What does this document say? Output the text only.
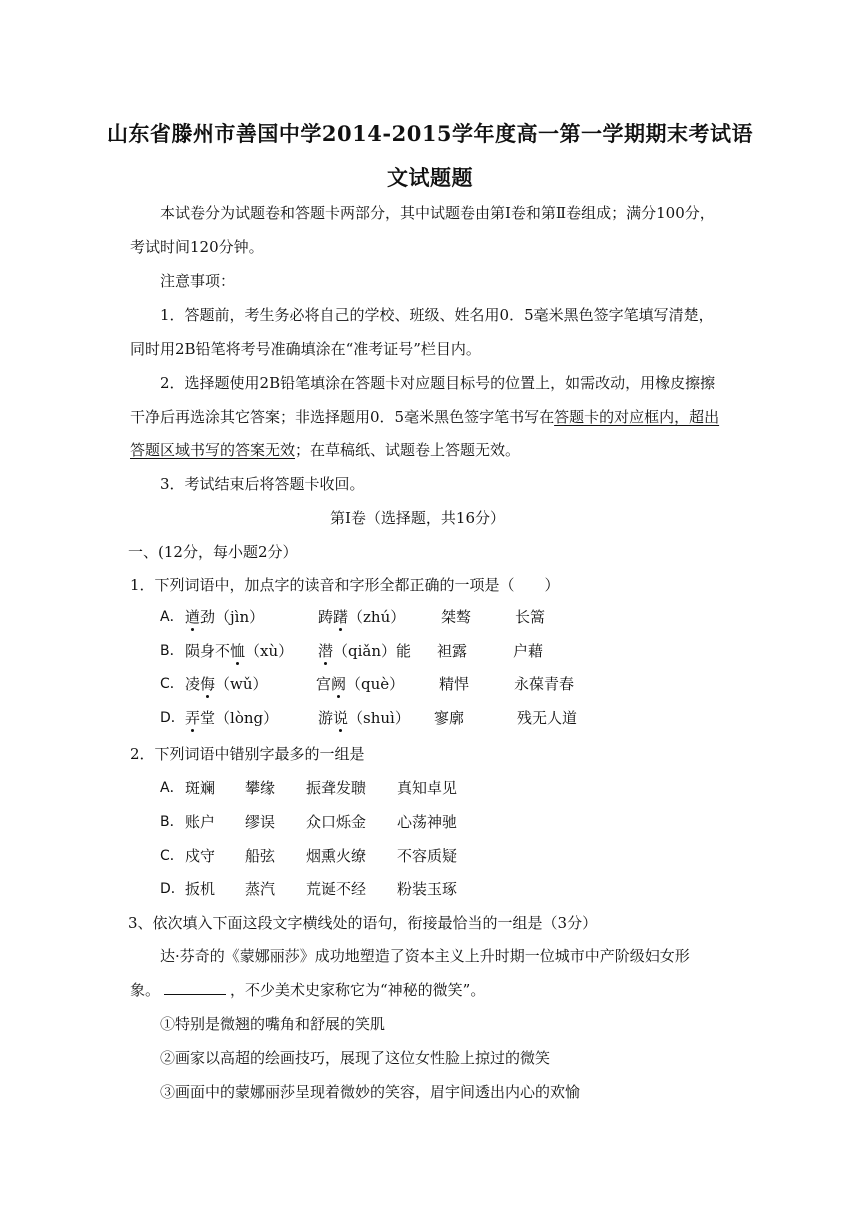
山东省滕州市善国中学2014-2015学年度高一第一学期期末考试语
文试题题
本试卷分为试题卷和答题卡两部分，其中试题卷由第Ⅰ卷和第Ⅱ卷组成；满分100分，
考试时间120分钟。
注意事项：
1．答题前，考生务必将自己的学校、班级、姓名用0．5毫米黑色签字笔填写清楚，
同时用2B铅笔将考号准确填涂在“准考证号”栏目内。
2．选择题使用2B铅笔填涂在答题卡对应题目标号的位置上，如需改动，用橡皮擦擦
干净后再选涂其它答案；非选择题用0．5毫米黑色签字笔书写在答题卡的对应框内，超出
答题区域书写的答案无效；在草稿纸、试题卷上答题无效。
3．考试结束后将答题卡收回。
第Ⅰ卷（选择题，共16分）
一、(12分，每小题2分）
1．下列词语中，加点字的读音和字形全都正确的一项是（　　）
A． 遒劲（jìn）	踌躇（zhú） 桀骜	长篙
B． 陨身不恤（xù） 潜（qiǎn）能 袒露	户藉
C． 凌侮（wǔ）	宫阙（què） 精悍	永葆青春
D． 弄堂（lòng）	游说（shuì） 寥廓	残无人道
2．下列词语中错别字最多的一组是
A． 斑斓 攀缘 振聋发聩 真知卓见
B． 账户 缪误 众口烁金 心荡神驰
C． 戍守 船弦 烟熏火缭 不容质疑
D． 扳机 蒸汽 荒诞不经 粉装玉琢
3、依次填入下面这段文字横线处的语句，衔接最恰当的一组是（3分）
达·芬奇的《蒙娜丽莎》成功地塑造了资本主义上升时期一位城市中产阶级妇女形
象。	，不少美术史家称它为“神秘的微笑”。
①特别是微翘的嘴角和舒展的笑肌
②画家以高超的绘画技巧，展现了这位女性脸上掠过的微笑
③画面中的蒙娜丽莎呈现着微妙的笑容，眉宇间透出内心的欢愉
